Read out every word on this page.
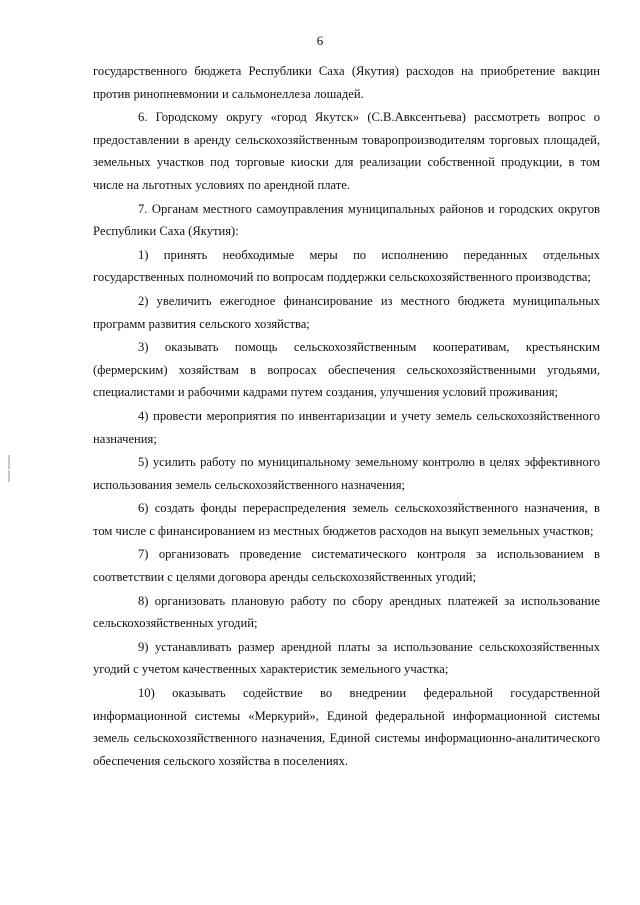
6

государственного бюджета Республики Саха (Якутия) расходов на приобретение вакцин против ринопневмонии и сальмонеллеза лошадей.

6. Городскому округу «город Якутск» (С.В.Авксентьева) рассмотреть вопрос о предоставлении в аренду сельскохозяйственным товаропроизводителям торговых площадей, земельных участков под торговые киоски для реализации собственной продукции, в том числе на льготных условиях по арендной плате.

7. Органам местного самоуправления муниципальных районов и городских округов Республики Саха (Якутия):

1) принять необходимые меры по исполнению переданных отдельных государственных полномочий по вопросам поддержки сельскохозяйственного производства;

2) увеличить ежегодное финансирование из местного бюджета муниципальных программ развития сельского хозяйства;

3) оказывать помощь сельскохозяйственным кооперативам, крестьянским (фермерским) хозяйствам в вопросах обеспечения сельскохозяйственными угодьями, специалистами и рабочими кадрами путем создания, улучшения условий проживания;

4) провести мероприятия по инвентаризации и учету земель сельскохозяйственного назначения;

5) усилить работу по муниципальному земельному контролю в целях эффективного использования земель сельскохозяйственного назначения;

6) создать фонды перераспределения земель сельскохозяйственного назначения, в том числе с финансированием из местных бюджетов расходов на выкуп земельных участков;

7) организовать проведение систематического контроля за использованием в соответствии с целями договора аренды сельскохозяйственных угодий;

8) организовать плановую работу по сбору арендных платежей за использование сельскохозяйственных угодий;

9) устанавливать размер арендной платы за использование сельскохозяйственных угодий с учетом качественных характеристик земельного участка;

10) оказывать содействие во внедрении федеральной государственной информационной системы «Меркурий», Единой федеральной информационной системы земель сельскохозяйственного назначения, Единой системы информационно-аналитического обеспечения сельского хозяйства в поселениях.
